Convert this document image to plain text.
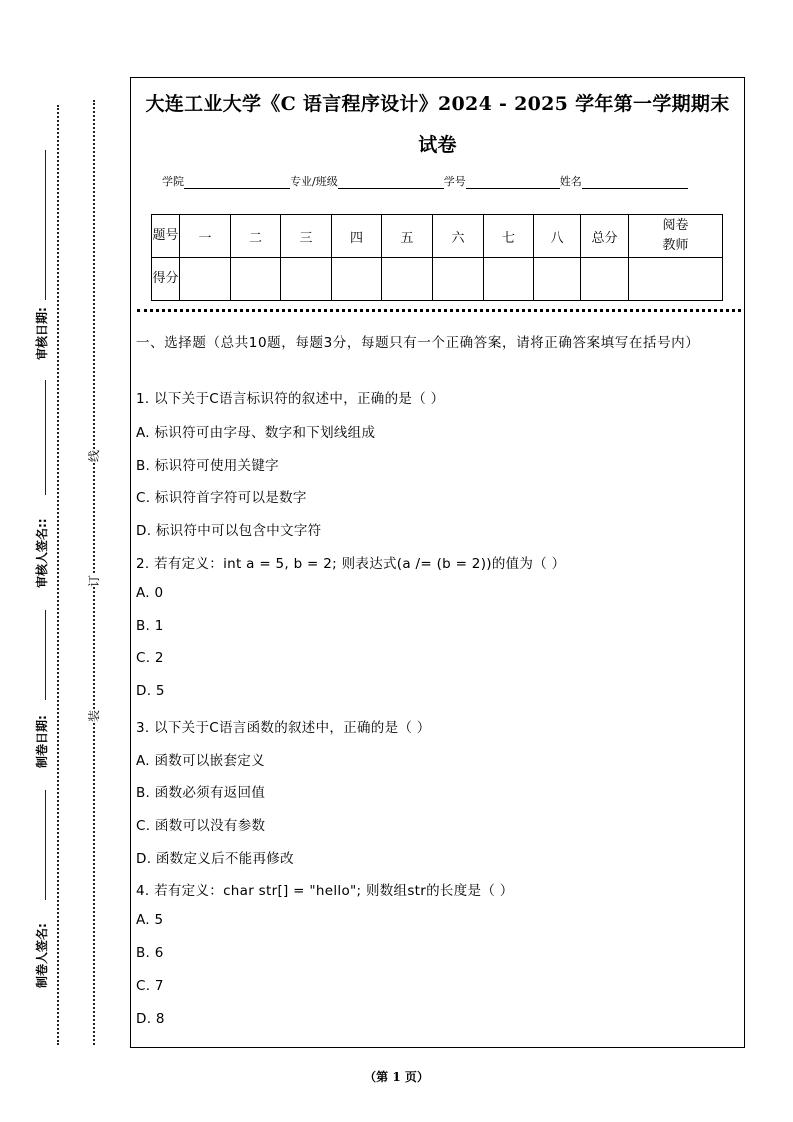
审核日期:
审核人签名::
制卷日期:
制卷人签名:
线
订
装
大连工业大学《C 语言程序设计》2024 - 2025 学年第一学期期末
试卷
学院	专业/班级	学号	姓名
题号	一	二	三	四	五	六	七	八	总分	阅卷教师
得分										
一、选择题（总共10题，每题3分，每题只有一个正确答案，请将正确答案填写在括号内）
1. 以下关于C语言标识符的叙述中，正确的是（ ）
A. 标识符可由字母、数字和下划线组成
B. 标识符可使用关键字
C. 标识符首字符可以是数字
D. 标识符中可以包含中文字符
2. 若有定义：int a = 5, b = 2; 则表达式(a /= (b = 2))的值为（ ）
A. 0
B. 1
C. 2
D. 5
3. 以下关于C语言函数的叙述中，正确的是（ ）
A. 函数可以嵌套定义
B. 函数必须有返回值
C. 函数可以没有参数
D. 函数定义后不能再修改
4. 若有定义：char str[] = "hello"; 则数组str的长度是（ ）
A. 5
B. 6
C. 7
D. 8
（第 1 页）
